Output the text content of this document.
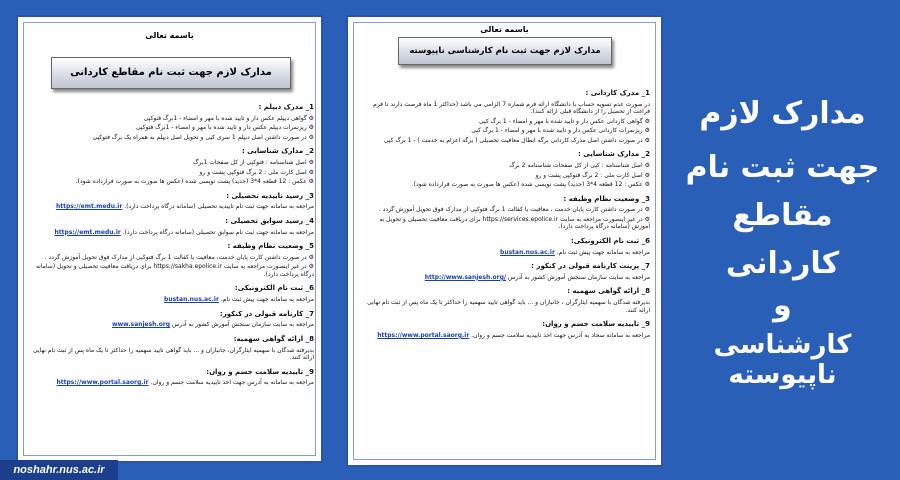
باسمه تعالی
مدارک لازم جهت ثبت نام مقاطع کاردانی
1_ مدرک دیپلم :
⚙ گواهی دیپلم عکس دار و تایید شده با مهر و امضاء - 1برگ فتوکپی
⚙ ریزنمرات دیپلم عکس دار و تایید شده با مهر و امضاء - 1برگ فتوکپی
⚙ در صورت داشتن اصل دیپلم 1 سری کپی و تحویل اصل دیپلم به همراه یک برگ فتوکپی
2_ مدارک شناسایی :
⚙ اصل شناسنامه : فتوکپی از کل صفحات 1برگ
⚙ اصل کارت ملی : 2 برگ فتوکپی پشت و رو
⚙ عکس : 12 قطعه 4*3 (جدید) پشت نویسی شده (عکس ها صورت به صورت فرارداده شود).
3_ رسید تاییدیه تحصیلی :
مراجعه به سامانه جهت ثبت نام تاییدیه تحصیلی (سامانه درگاه پرداخت دارد). https://emt.medu.ir
4_ رسید سوابق تحصیلی :
مراجعه به سامانه جهت ثبت نام سوابق تحصیلی (سامانه درگاه پرداخت دارد). https://emt.medu.ir
5_ وضعیت نظام وظیفه :
⚙ در صورت داشتن کارت پایان خدمت، معافیت یا کفالت 1 برگ فتوکپی از مدارک فوق تحویل آموزش گردد .
⚙ در غیر اینصورت مراجعه به سایت https://sakha.epolice.ir برای دریافت معافیت تحصیلی و تحویل (سامانه درگاه پرداخت دارد).
6_ ثبت نام الکترونیکی:
مراجعه به سامانه جهت پیش ثبت نام. bustan.nus.ac.ir
7_ کارنامه قبولی در کنکور:
مراجعه به سایت سازمان سنجش آموزش کشور به آدرس www.sanjesh.org
8_ ارائه گواهی سهمیه:
بدیرفته شدگان با سهمیه ایثارگران، جانبازان و ... باید گواهی تایید سهمیه را حداکثر تا یک ماه پس از ثبت نام نهایی ارائه کنند.
9_ تاییدیه سلامت جسم و روان:
مراجعه به سامانه به آدرس جهت اخذ تاییدیه سلامت جسم و روان. https://www.portal.saorg.ir
باسمه تعالی
مدارک لازم جهت ثبت نام کارشناسی ناپیوسته
1_ مدرک کاردانی :
در صورت عدم تسویه حساب با دانشگاه ارائه فرم شماره 7 الزامی می باشد (حداکثر 1 ماه فرصت دارند تا فرم فراغت از تحصیل را از دانشگاه قبلی ارائه کنند).
⚙ گواهی کاردانی عکس دار و تایید شده با مهر و امضاء - 1 برگ کپی
⚙ ریزنمرات کاردانی عکس دار و تایید شده با مهر و امضاء - 1 برگ کپی
⚙ در صورت داشتن اصل مدرک کاردانی برگه ابطال معافیت تحصیلی ( برگه اعزام به خدمت ) - 1 برگ کپی
2_ مدارک شناسایی :
⚙ اصل شناسنامه : کپی از کل صفحات شناسنامه 2 برگ
⚙ اصل کارت ملی : 2 برگ فتوکپی پشت و رو
⚙ عکس : 12 قطعه 4*3 (جدید) پشت نویسی شده (عکس ها صورت به صورت فرارداده شود).
3_ وضعیت نظام وظیفه :
⚙ در صورت داشتن کارت پایان خدمت ، معافیت یا کفالت 1 برگ فتوکپی از مدارک فوق تحویل آموزش گردد .
⚙ در غیر اینصورت مراجعه به سایت https://services.epolice.ir برای دریافت معافیت تحصیلی و تحویل به آموزش (سامانه درگاه پرداخت دارد).
6_ ثبت نام الکترونیکی:
مراجعه به سامانه جهت پیش ثبت نام. bustan.nus.ac.ir
7_ پرینت کارنامه قبولی در کنکور :
مراجعه به سایت سازمان سنجش آموزش کشور به آدرس http://www.sanjesh.org/
8_ ارائه گواهی سهمیه :
بدیرفته شدگان با سهمیه ایثارگران ، جانبازان و ... باید گواهی تایید سهمیه را حداکثر تا یک ماه پس از ثبت نام نهایی ارائه کنند.
9_ تاییدیه سلامت جسم و روان:
مراجعه به سامانه سجاد به آدرس جهت اخذ تاییدیه سلامت جسم و روان. https://www.portal.saorg.ir
مدارک لازم
جهت ثبت نام
مقاطع
کاردانی
و
کارشناسی ناپیوسته
noshahr.nus.ac.ir
